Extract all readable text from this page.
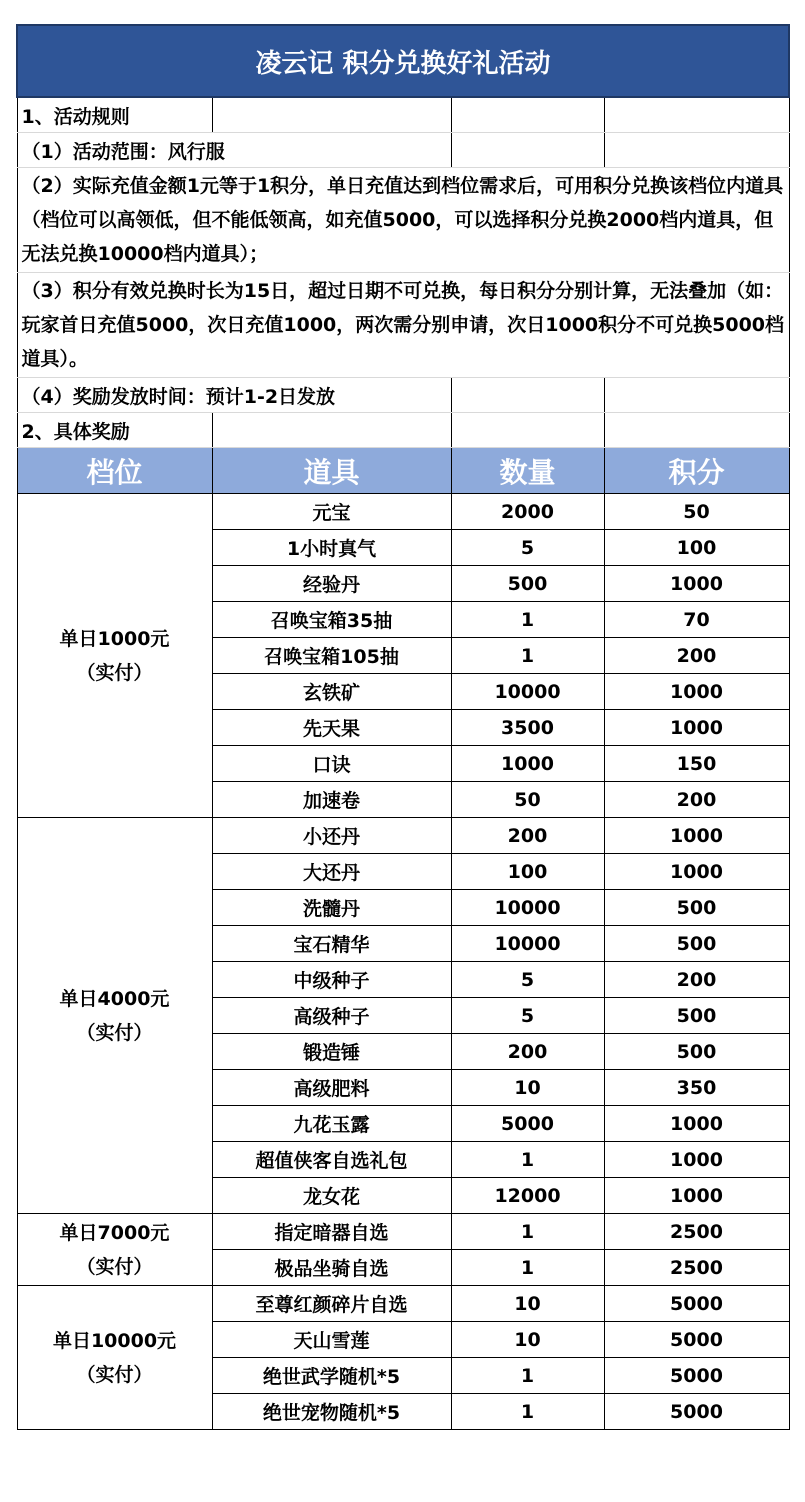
凌云记 积分兑换好礼活动			
1、活动规则			
（1）活动范围：风行服			
（2）实际充值金额1元等于1积分，单日充值达到档位需求后，可用积分兑换该档位内道具（档位可以高领低，但不能低领高，如充值5000，可以选择积分兑换2000档内道具，但无法兑换10000档内道具）；			
（3）积分有效兑换时长为15日，超过日期不可兑换，每日积分分别计算，无法叠加（如：玩家首日充值5000，次日充值1000，两次需分别申请，次日1000积分不可兑换5000档道具）。			
（4）奖励发放时间：预计1-2日发放			
2、具体奖励			
档位	道具	数量	积分

单日1000元
（实付）	元宝	2000	50
	1小时真气	5	100
	经验丹	500	1000
	召唤宝箱35抽	1	70
	召唤宝箱105抽	1	200
	玄铁矿	10000	1000
	先天果	3500	1000
	口诀	1000	150
	加速卷	50	200

单日4000元
（实付）	小还丹	200	1000
	大还丹	100	1000
	洗髓丹	10000	500
	宝石精华	10000	500
	中级种子	5	200
	高级种子	5	500
	锻造锤	200	500
	高级肥料	10	350
	九花玉露	5000	1000
	超值侠客自选礼包	1	1000
	龙女花	12000	1000

单日7000元
（实付）	指定暗器自选	1	2500
	极品坐骑自选	1	2500

单日10000元
（实付）	至尊红颜碎片自选	10	5000
	天山雪莲	10	5000
	绝世武学随机*5	1	5000
	绝世宠物随机*5	1	5000
